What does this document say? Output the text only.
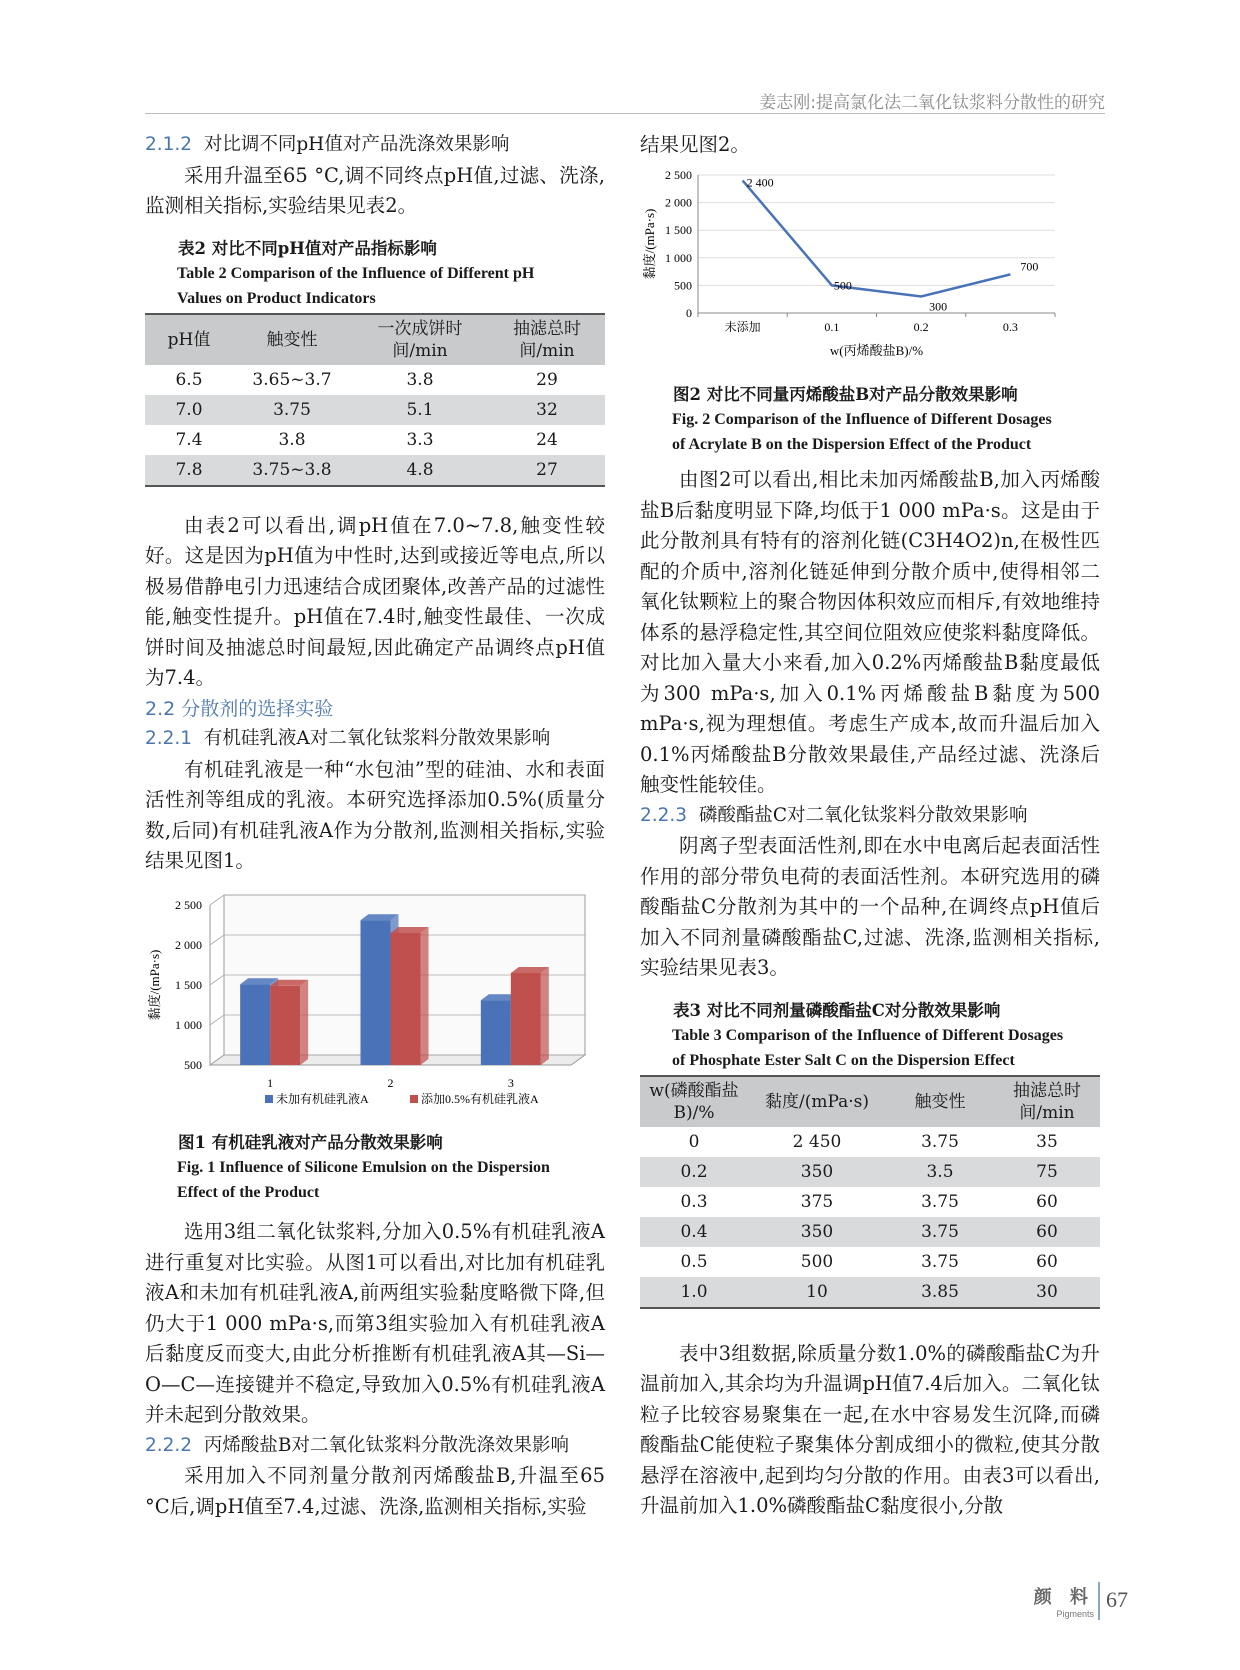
姜志刚:提高氯化法二氧化钛浆料分散性的研究
2.1.2 对比调不同pH值对产品洗涤效果影响

采用升温至65 °C,调不同终点pH值,过滤、洗涤,监测相关指标,实验结果见表2。

表2 对比不同pH值对产品指标影响

Table 2 Comparison of the Influence of Different pH

Values on Product Indicators

pH值	触变性	一次成饼时间/min	抽滤总时间/min
6.5	3.65~3.7	3.8	29
7.0	3.75	5.1	32
7.4	3.8	3.3	24
7.8	3.75~3.8	4.8	27

由表2可以看出,调pH值在7.0~7.8,触变性较好。这是因为pH值为中性时,达到或接近等电点,所以极易借静电引力迅速结合成团聚体,改善产品的过滤性能,触变性提升。pH值在7.4时,触变性最佳、一次成饼时间及抽滤总时间最短,因此确定产品调终点pH值为7.4。

2.2 分散剂的选择实验
2.2.1 有机硅乳液A对二氧化钛浆料分散效果影响

有机硅乳液是一种“水包油”型的硅油、水和表面活性剂等组成的乳液。本研究选择添加0.5%(质量分数,后同)有机硅乳液A作为分散剂,监测相关指标,实验结果见图1。

500
1 000
1 500
2 000
2 500
黏度/(mPa·s)
1	2	3
未加有机硅乳液A	添加0.5%有机硅乳液A

图1 有机硅乳液对产品分散效果影响

Fig. 1 Influence of Silicone Emulsion on the Dispersion

Effect of the Product

选用3组二氧化钛浆料,分加入0.5%有机硅乳液A进行重复对比实验。从图1可以看出,对比加有机硅乳液A和未加有机硅乳液A,前两组实验黏度略微下降,但仍大于1 000 mPa·s,而第3组实验加入有机硅乳液A后黏度反而变大,由此分析推断有机硅乳液A其—Si—O—C—连接键并不稳定,导致加入0.5%有机硅乳液A并未起到分散效果。

2.2.2 丙烯酸盐B对二氧化钛浆料分散洗涤效果影响

采用加入不同剂量分散剂丙烯酸盐B,升温至65 °C后,调pH值至7.4,过滤、洗涤,监测相关指标,实验

结果见图2。

0
500
1 000
1 500
2 000
2 500
未添加	0.1	0.2	0.3
2 400
500
300
700
w(丙烯酸盐B)/%
黏度/(mPa·s)

图2 对比不同量丙烯酸盐B对产品分散效果影响

Fig. 2 Comparison of the Influence of Different Dosages

of Acrylate B on the Dispersion Effect of the Product

由图2可以看出,相比未加丙烯酸盐B,加入丙烯酸盐B后黏度明显下降,均低于1 000 mPa·s。这是由于此分散剂具有特有的溶剂化链(C3H4O2)n,在极性匹配的介质中,溶剂化链延伸到分散介质中,使得相邻二氧化钛颗粒上的聚合物因体积效应而相斥,有效地维持体系的悬浮稳定性,其空间位阻效应使浆料黏度降低。对比加入量大小来看,加入0.2%丙烯酸盐B黏度最低为300 mPa·s,加入0.1%丙烯酸盐B黏度为500 mPa·s,视为理想值。考虑生产成本,故而升温后加入0.1%丙烯酸盐B分散效果最佳,产品经过滤、洗涤后触变性能较佳。

2.2.3 磷酸酯盐C对二氧化钛浆料分散效果影响

阴离子型表面活性剂,即在水中电离后起表面活性作用的部分带负电荷的表面活性剂。本研究选用的磷酸酯盐C分散剂为其中的一个品种,在调终点pH值后加入不同剂量磷酸酯盐C,过滤、洗涤,监测相关指标,实验结果见表3。

表3 对比不同剂量磷酸酯盐C对分散效果影响

Table 3 Comparison of the Influence of Different Dosages

of Phosphate Ester Salt C on the Dispersion Effect

w(磷酸酯盐B)/%	黏度/(mPa·s)	触变性	抽滤总时间/min
0	2 450	3.75	35
0.2	350	3.5	75
0.3	375	3.75	60
0.4	350	3.75	60
0.5	500	3.75	60
1.0	10	3.85	30

表中3组数据,除质量分数1.0%的磷酸酯盐C为升温前加入,其余均为升温调pH值7.4后加入。二氧化钛粒子比较容易聚集在一起,在水中容易发生沉降,而磷酸酯盐C能使粒子聚集体分割成细小的微粒,使其分散悬浮在溶液中,起到均匀分散的作用。由表3可以看出,升温前加入1.0%磷酸酯盐C黏度很小,分散

颜 料
Pigments
67
